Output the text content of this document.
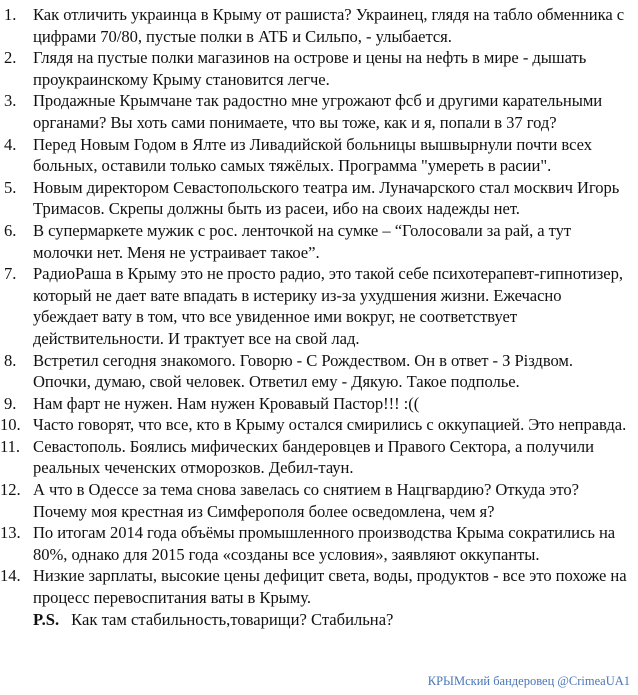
1. Как отличить украинца в Крыму от рашиста? Украинец, глядя на табло обменника с цифрами 70/80, пустые полки в АТБ и Сильпо, - улыбается.
2. Глядя на пустые полки магазинов на острове и цены на нефть в мире - дышать проукраинскому Крыму становится легче.
3. Продажные Крымчане так радостно мне угрожают фсб и другими карательными органами? Вы хоть сами понимаете, что вы тоже, как и я, попали в 37 год?
4. Перед Новым Годом в Ялте из Ливадийской больницы вышвырнули почти всех больных, оставили только самых тяжёлых. Программа "умереть в расии".
5. Новым директором Севастопольского театра им. Луначарского стал москвич Игорь Тримасов. Скрепы должны быть из расеи, ибо на своих надежды нет.
6. В супермаркете мужик с рос. ленточкой на сумке – “Голосовали за рай, а тут молочки нет. Меня не устраивает такое”.
7. РадиоРаша в Крыму это не просто радио, это такой себе психотерапевт-гипнотизер, который не дает вате впадать в истерику из-за ухудшения жизни. Ежечасно убеждает вату в том, что все увиденное ими вокруг, не соответствует действительности. И трактует все на свой лад.
8. Встретил сегодня знакомого. Говорю - С Рождеством. Он в ответ - З Різдвом. Опочки, думаю, свой человек. Ответил ему - Дякую. Такое подполье.
9. Нам фарт не нужен. Нам нужен Кровавый Пастор!!! :((
10. Часто говорят, что все, кто в Крыму остался смирились с оккупацией. Это неправда.
11. Севастополь. Боялись мифических бандеровцев и Правого Сектора, а получили реальных чеченских отморозков. Дебил-таун.
12. А что в Одессе за тема снова завелась со снятием в Нацгвардию? Откуда это? Почему моя крестная из Симферополя более осведомлена, чем я?
13. По итогам 2014 года объёмы промышленного производства Крыма сократились на 80%, однако для 2015 года «созданы все условия», заявляют оккупанты.
14. Низкие зарплаты, высокие цены дефицит света, воды, продуктов - все это похоже на процесс перевоспитания ваты в Крыму.
P.S. Как там стабильность,товарищи? Стабильна?
КРЫМский бандеровец @CrimeaUA1
